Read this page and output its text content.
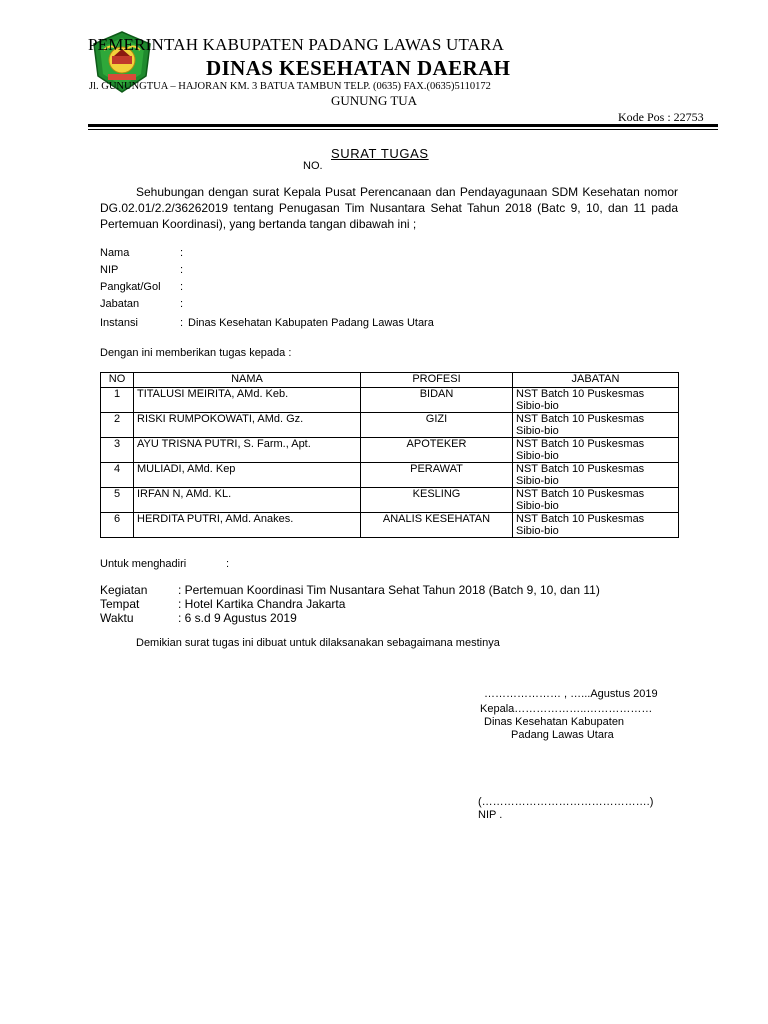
PEMERINTAH KABUPATEN PADANG LAWAS UTARA
DINAS KESEHATAN DAERAH
Jl. GUNUNGTUA – HAJORAN KM. 3 BATUA TAMBUN TELP. (0635) FAX.(0635)5110172
GUNUNG TUA
Kode Pos : 22753
SURAT TUGAS
NO.
Sehubungan dengan surat Kepala Pusat Perencanaan dan Pendayagunaan SDM Kesehatan nomor DG.02.01/2.2/36262019 tentang Penugasan Tim Nusantara Sehat Tahun 2018 (Batc 9, 10, dan 11 pada Pertemuan Koordinasi), yang bertanda tangan dibawah ini ;
Nama	:
NIP	:
Pangkat/Gol :
Jabatan	:
Instansi	: Dinas Kesehatan Kabupaten Padang Lawas Utara
Dengan ini memberikan tugas kepada :
NO	NAMA	PROFESI	JABATAN
1	TITALUSI MEIRITA, AMd. Keb.	BIDAN	NST Batch 10 Puskesmas Sibio-bio
2	RISKI RUMPOKOWATI, AMd. Gz.	GIZI	NST Batch 10 Puskesmas Sibio-bio
3	AYU TRISNA PUTRI, S. Farm., Apt.	APOTEKER	NST Batch 10 Puskesmas Sibio-bio
4	MULIADI, AMd. Kep	PERAWAT	NST Batch 10 Puskesmas Sibio-bio
5	IRFAN N, AMd. KL.	KESLING	NST Batch 10 Puskesmas Sibio-bio
6	HERDITA PUTRI, AMd. Anakes.	ANALIS KESEHATAN	NST Batch 10 Puskesmas Sibio-bio
Untuk menghadiri	:
Kegiatan	: Pertemuan Koordinasi Tim Nusantara Sehat Tahun 2018 (Batch 9, 10, dan 11)
Tempat	: Hotel Kartika Chandra Jakarta
Waktu	: 6 s.d 9 Agustus 2019
Demikian surat tugas ini dibuat untuk dilaksanakan sebagaimana mestinya
………………… , …...Agustus 2019
Kepala………………..………………
Dinas Kesehatan Kabupaten
Padang Lawas Utara
(……………………………………….)
NIP .
